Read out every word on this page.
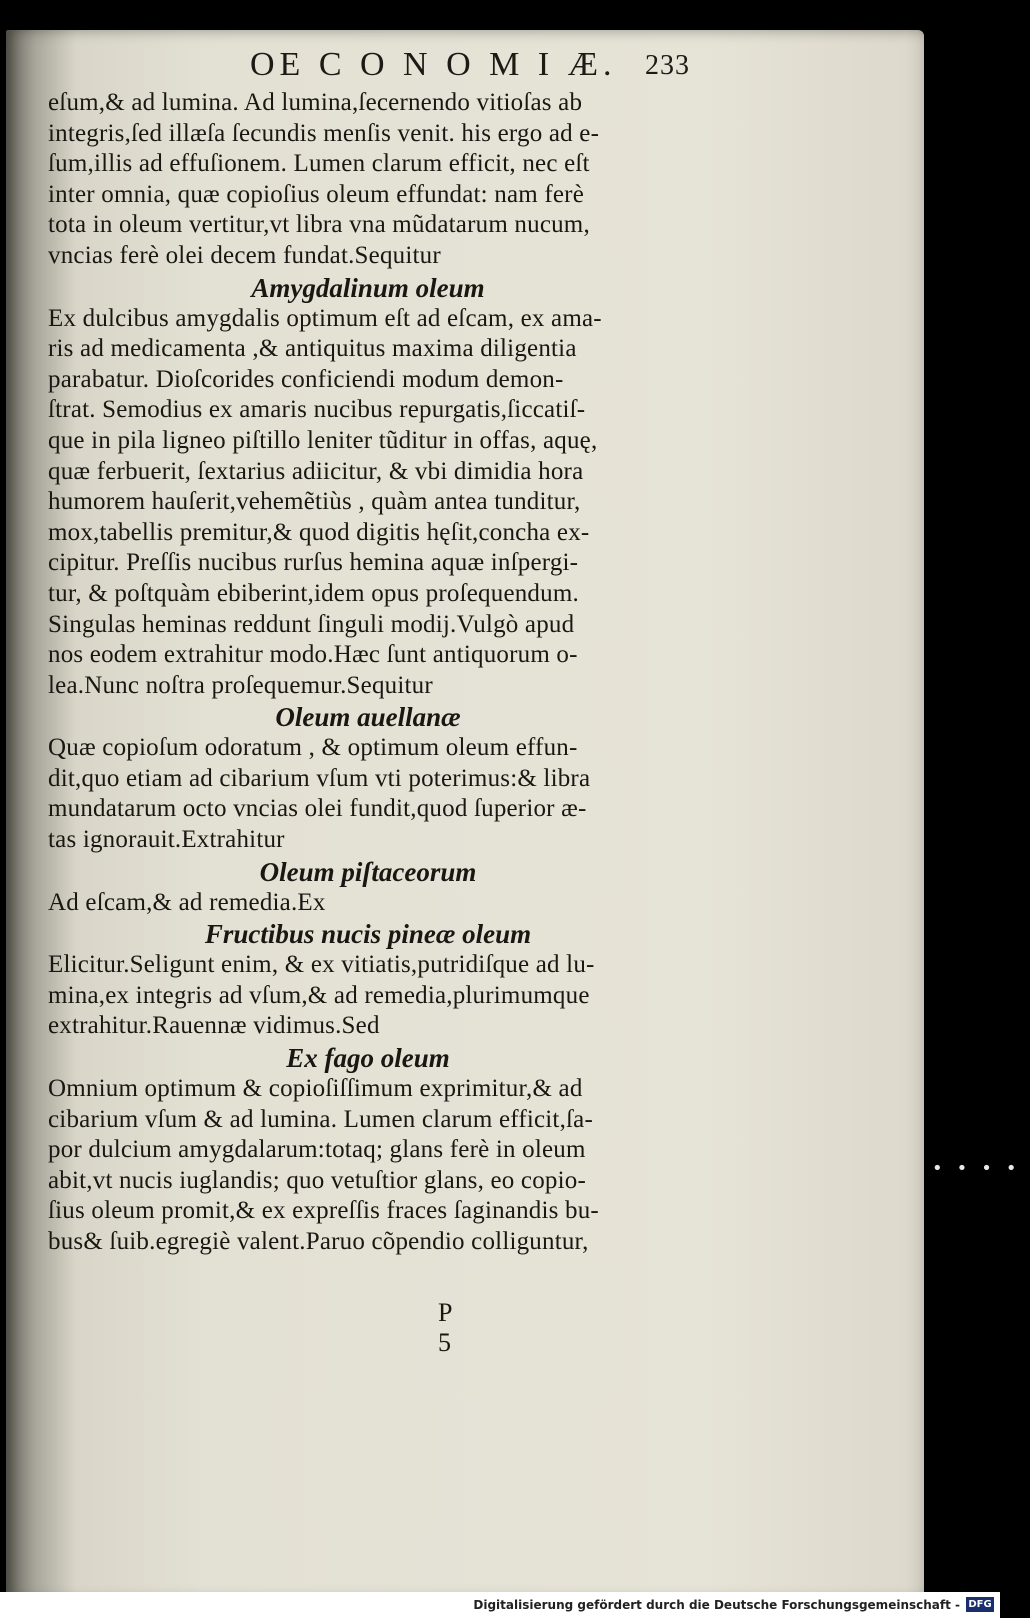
OE C O N O M I Æ. 233
eſum,& ad lumina. Ad lumina,ſecernendo vitioſas ab
integris,ſed illæſa ſecundis menſis venit. his ergo ad e-
ſum,illis ad effuſionem. Lumen clarum efficit, nec eſt
inter omnia, quæ copioſius oleum effundat: nam ferè
tota in oleum vertitur,vt libra vna mũdatarum nucum,
vncias ferè olei decem fundat.Sequitur
Amygdalinum oleum
Ex dulcibus amygdalis optimum eſt ad eſcam, ex ama-
ris ad medicamenta ,& antiquitus maxima diligentia
parabatur. Dioſcorides conficiendi modum demon-
ſtrat. Semodius ex amaris nucibus repurgatis,ſiccatiſ-
que in pila ligneo piſtillo leniter tũditur in offas, aquę,
quæ ferbuerit, ſextarius adiicitur, & vbi dimidia hora
humorem hauſerit,vehemẽtiùs , quàm antea tunditur,
mox,tabellis premitur,& quod digitis hęſit,concha ex-
cipitur. Preſſis nucibus rurſus hemina aquæ inſpergi-
tur, & poſtquàm ebiberint,idem opus proſequendum.
Singulas heminas reddunt ſinguli modij.Vulgò apud
nos eodem extrahitur modo.Hæc ſunt antiquorum o-
lea.Nunc noſtra proſequemur.Sequitur
Oleum auellanæ
Quæ copioſum odoratum , & optimum oleum effun-
dit,quo etiam ad cibarium vſum vti poterimus:& libra
mundatarum octo vncias olei fundit,quod ſuperior æ-
tas ignorauit.Extrahitur
Oleum piſtaceorum
Ad eſcam,& ad remedia.Ex
Fructibus nucis pineæ oleum
Elicitur.Seligunt enim, & ex vitiatis,putridiſque ad lu-
mina,ex integris ad vſum,& ad remedia,plurimumque
extrahitur.Rauennæ vidimus.Sed
Ex fago oleum
Omnium optimum & copioſiſſimum exprimitur,& ad
cibarium vſum & ad lumina. Lumen clarum efficit,ſa-
por dulcium amygdalarum:totaq; glans ferè in oleum
abit,vt nucis iuglandis; quo vetuſtior glans, eo copio-
ſius oleum promit,& ex expreſſis fraces ſaginandis bu-
bus& ſuib.egregiè valent.Paruo cõpendio colliguntur,
P 5
••••
Digitalisierung gefördert durch die Deutsche Forschungsgemeinschaft - DFG
